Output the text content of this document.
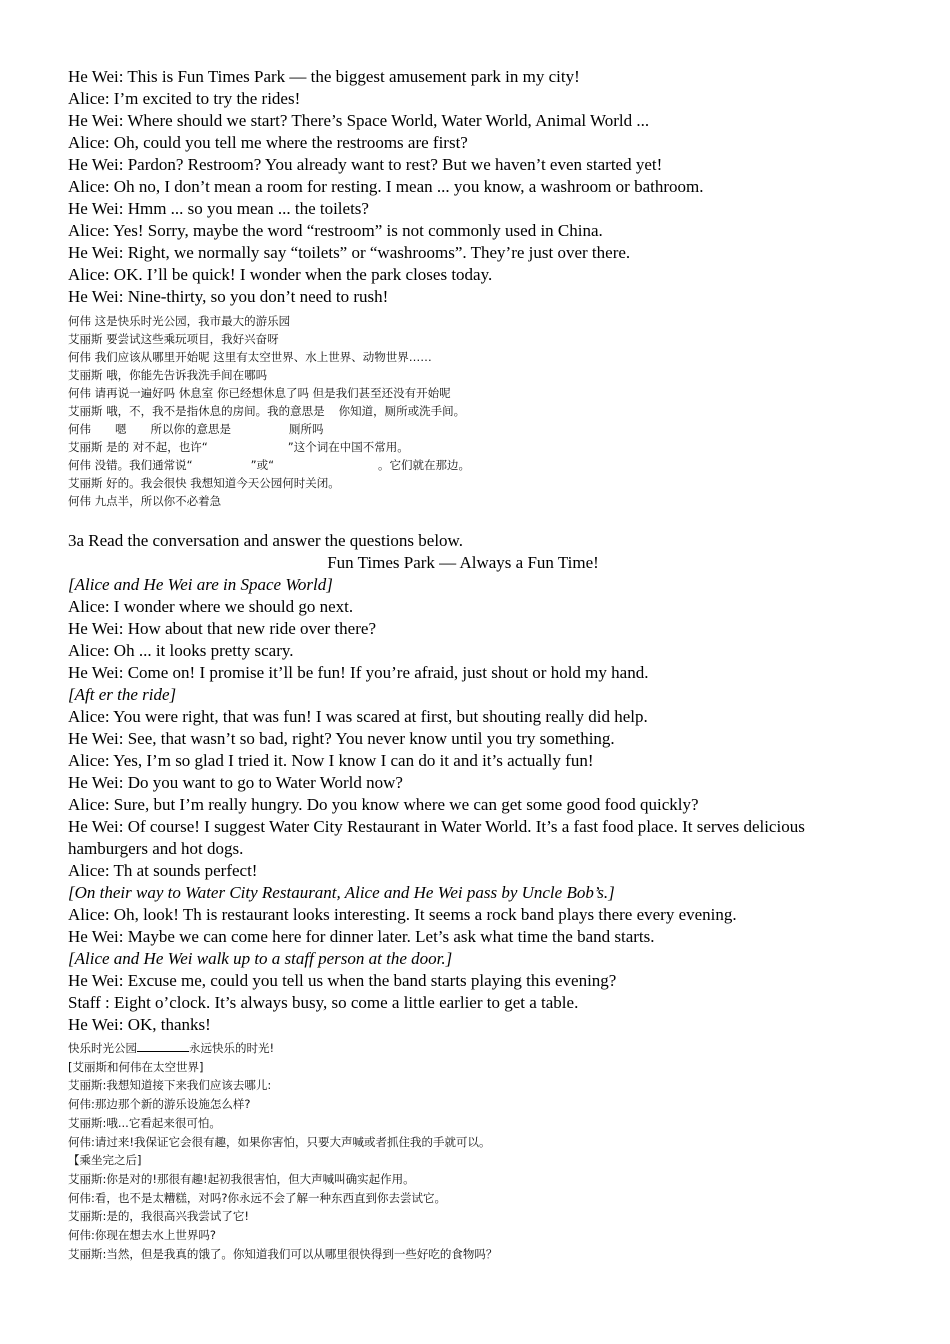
He Wei: This is Fun Times Park — the biggest amusement park in my city!
Alice: I’m excited to try the rides!
He Wei: Where should we start? There’s Space World, Water World, Animal World ...
Alice: Oh, could you tell me where the restrooms are first?
He Wei: Pardon? Restroom? You already want to rest? But we haven’t even started yet!
Alice: Oh no, I don’t mean a room for resting. I mean ... you know, a washroom or bathroom.
He Wei: Hmm ... so you mean ... the toilets?
Alice: Yes! Sorry, maybe the word “restroom” is not commonly used in China.
He Wei: Right, we normally say “toilets” or “washrooms”. They’re just over there.
Alice: OK. I’ll be quick! I wonder when the park closes today.
He Wei: Nine-thirty, so you don’t need to rush!
何伟 这是快乐时光公园，我市最大的游乐园
艾丽斯 要尝试这些乘玩项目，我好兴奋呀
何伟 我们应该从哪里开始呢 这里有太空世界、水上世界、动物世界……
艾丽斯 哦，你能先告诉我洗手间在哪吗
何伟 请再说一遍好吗 休息室 你已经想休息了吗 但是我们甚至还没有开始呢
艾丽斯 哦，不，我不是指休息的房间。我的意思是 你知道，厕所或洗手间。
何伟 嗯 所以你的意思是	厕所吗
艾丽斯 是的 对不起，也许“	”这个词在中国不常用。
何伟 没错。我们通常说“	”或“	。它们就在那边。
艾丽斯 好的。我会很快 我想知道今天公园何时关闭。
何伟 九点半，所以你不必着急
3a Read the conversation and answer the questions below.
Fun Times Park — Always a Fun Time!
[Alice and He Wei are in Space World]
Alice: I wonder where we should go next.
He Wei: How about that new ride over there?
Alice: Oh ... it looks pretty scary.
He Wei: Come on! I promise it’ll be fun! If you’re afraid, just shout or hold my hand.
[Aft er the ride]
Alice: You were right, that was fun! I was scared at first, but shouting really did help.
He Wei: See, that wasn’t so bad, right? You never know until you try something.
Alice: Yes, I’m so glad I tried it. Now I know I can do it and it’s actually fun!
He Wei: Do you want to go to Water World now?
Alice: Sure, but I’m really hungry. Do you know where we can get some good food quickly?
He Wei: Of course! I suggest Water City Restaurant in Water World. It’s a fast food place. It serves delicious hamburgers and hot dogs.
Alice: Th at sounds perfect!
[On their way to Water City Restaurant, Alice and He Wei pass by Uncle Bob’s.]
Alice: Oh, look! Th is restaurant looks interesting. It seems a rock band plays there every evening.
He Wei: Maybe we can come here for dinner later. Let’s ask what time the band starts.
[Alice and He Wei walk up to a staff person at the door.]
He Wei: Excuse me, could you tell us when the band starts playing this evening?
Staff : Eight o’clock. It’s always busy, so come a little earlier to get a table.
He Wei: OK, thanks!
快乐时光公园	永远快乐的时光!
[艾丽斯和何伟在太空世界]
艾丽斯:我想知道接下来我们应该去哪儿:
何伟:那边那个新的游乐设施怎么样?
艾丽斯:哦...它看起来很可怕。
何伟:请过来!我保证它会很有趣，如果你害怕，只要大声喊或者抓住我的手就可以。
【乘坐完之后]
艾丽斯:你是对的!那很有趣!起初我很害怕，但大声喊叫确实起作用。
何伟:看，也不是太糟糕，对吗?你永远不会了解一种东西直到你去尝试它。
艾丽斯:是的，我很高兴我尝试了它!
何伟:你现在想去水上世界吗?
艾丽斯:当然，但是我真的饿了。你知道我们可以从哪里很快得到一些好吃的食物吗？
